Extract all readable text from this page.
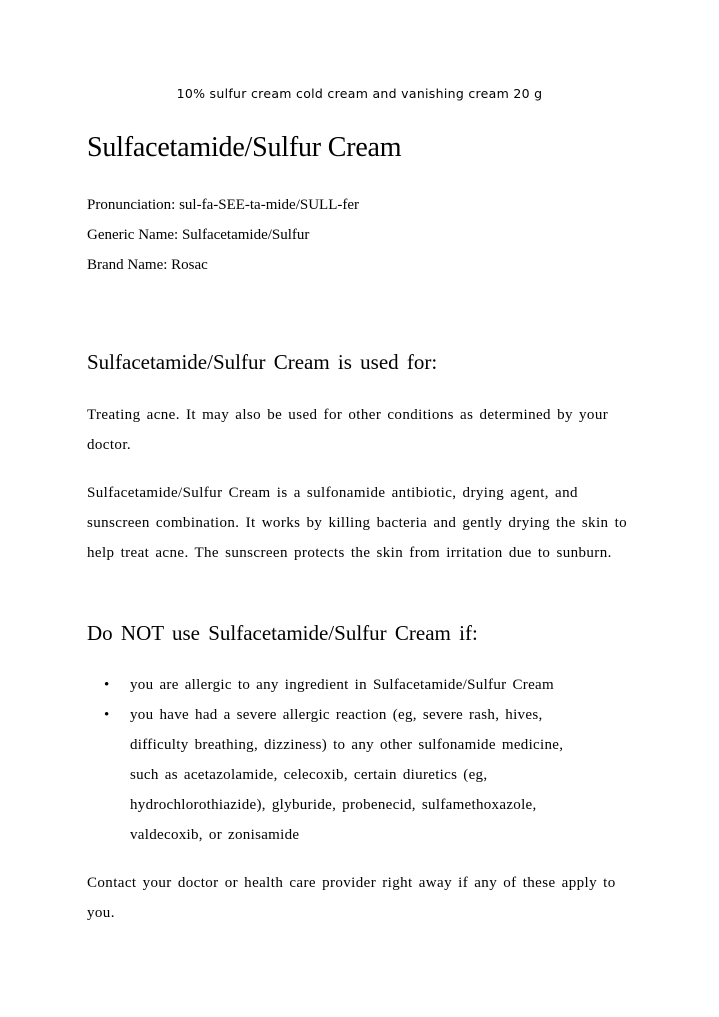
10% sulfur cream cold cream and vanishing cream 20 g
Sulfacetamide/Sulfur Cream
Pronunciation: sul-fa-SEE-ta-mide/SULL-fer
Generic Name: Sulfacetamide/Sulfur
Brand Name: Rosac
Sulfacetamide/Sulfur Cream is used for:

Treating acne. It may also be used for other conditions as determined by your doctor.

Sulfacetamide/Sulfur Cream is a sulfonamide antibiotic, drying agent, and sunscreen combination. It works by killing bacteria and gently drying the skin to help treat acne. The sunscreen protects the skin from irritation due to sunburn.

Do NOT use Sulfacetamide/Sulfur Cream if:
• you are allergic to any ingredient in Sulfacetamide/Sulfur Cream
• you have had a severe allergic reaction (eg, severe rash, hives, difficulty breathing, dizziness) to any other sulfonamide medicine, such as acetazolamide, celecoxib, certain diuretics (eg, hydrochlorothiazide), glyburide, probenecid, sulfamethoxazole, valdecoxib, or zonisamide

Contact your doctor or health care provider right away if any of these apply to you.
